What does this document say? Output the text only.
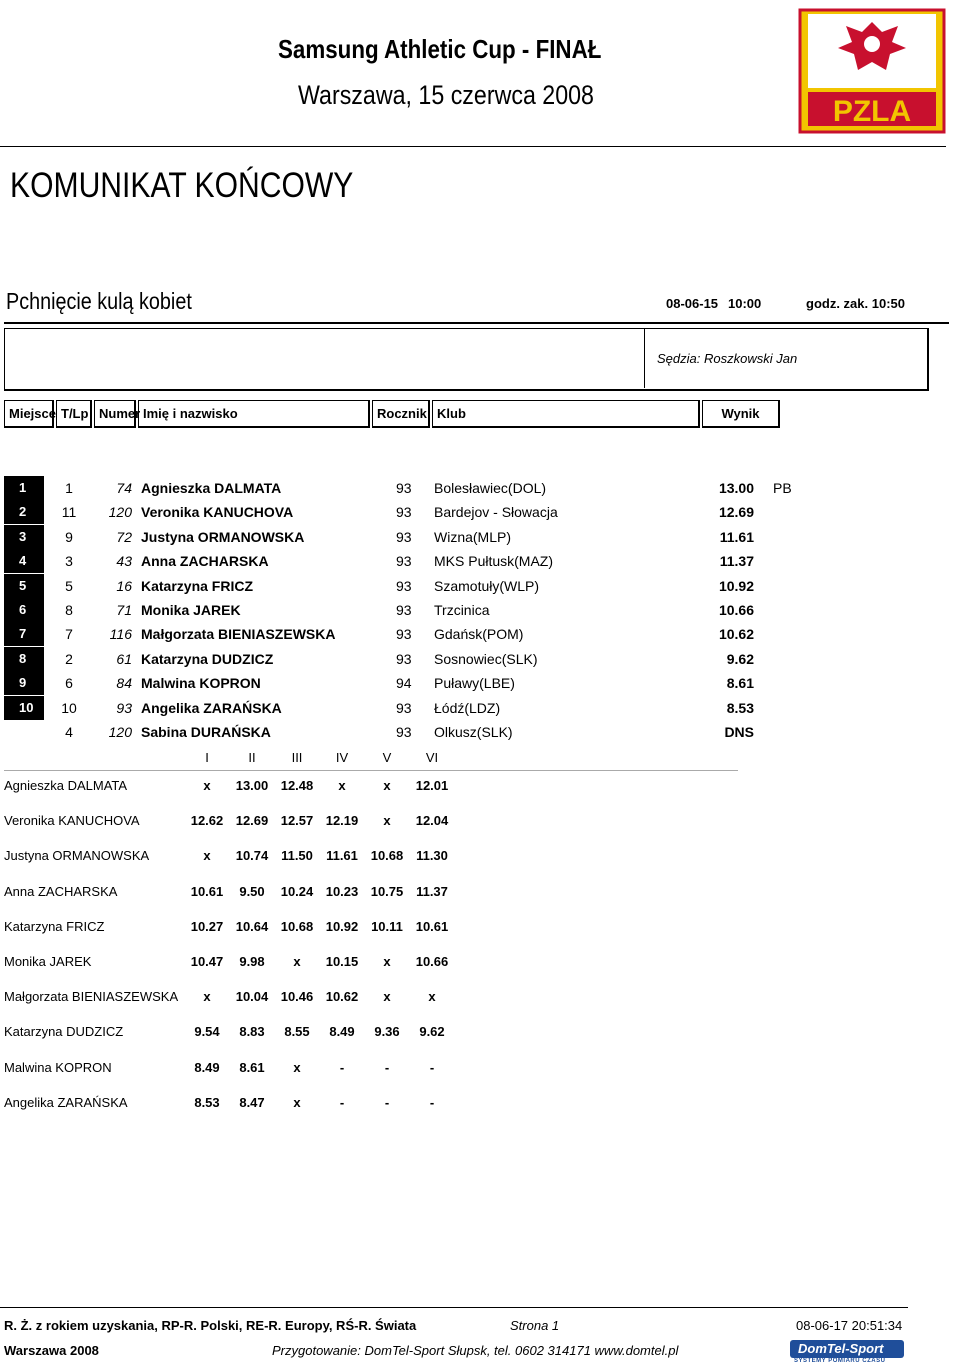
Samsung Athletic Cup - FINAŁ
Warszawa, 15 czerwca 2008	PZLA
KOMUNIKAT KOŃCOWY
Pchnięcie kulą kobiet	08-06-15 10:00	godz. zak. 10:50
Sędzia: Roszkowski Jan
Miejsce T/Lp Numer Imię i nazwisko	Rocznik Klub	Wynik
1	1	74 Agnieszka DALMATA	93 Bolesławiec(DOL)	13.00 PB
2	11	120 Veronika KANUCHOVA	93 Bardejov - Słowacja	12.69
3	9	72 Justyna ORMANOWSKA	93 Wizna(MLP)	11.61
4	3	43 Anna ZACHARSKA	93 MKS Pułtusk(MAZ)	11.37
5	5	16 Katarzyna FRICZ	93 Szamotuły(WLP)	10.92
6	8	71 Monika JAREK	93 Trzcinica	10.66
7	7	116 Małgorzata BIENIASZEWSKA	93 Gdańsk(POM)	10.62
8	2	61 Katarzyna DUDZICZ	93 Sosnowiec(SLK)	9.62
9	6	84 Malwina KOPRON	94 Puławy(LBE)	8.61
10	10	93 Angelika ZARAŃSKA	93 Łódź(LDZ)	8.53
4	120 Sabina DURAŃSKA	93 Olkusz(SLK)	DNS
I	II	III	IV	V	VI
Agnieszka DALMATA	x	13.00 12.48	x	x	12.01
Veronika KANUCHOVA	12.62 12.69 12.57 12.19	x	12.04
Justyna ORMANOWSKA	x	10.74 11.50	11.61 10.68 11.30
Anna ZACHARSKA	10.61	9.50	10.24 10.23 10.75 11.37
Katarzyna FRICZ	10.27 10.64 10.68 10.92 10.11 10.61
Monika JAREK	10.47	9.98	x	10.15	x	10.66
Małgorzata BIENIASZEWSKA	x	10.04 10.46 10.62	x	x
Katarzyna DUDZICZ	9.54	8.83	8.55	8.49	9.36	9.62
Malwina KOPRON	8.49	8.61	x	-	-	-
Angelika ZARAŃSKA	8.53	8.47	x	-	-	-
R. Ż. z rokiem uzyskania, RP-R. Polski, RE-R. Europy, RŚ-R. Świata	Strona 1	08-06-17 20:51:34
Warszawa 2008	Przygotowanie: DomTel-Sport Słupsk, tel. 0602 314171 www.domtel.pl	DomTel-Sport
SYSTEMY POMIARU CZASU
